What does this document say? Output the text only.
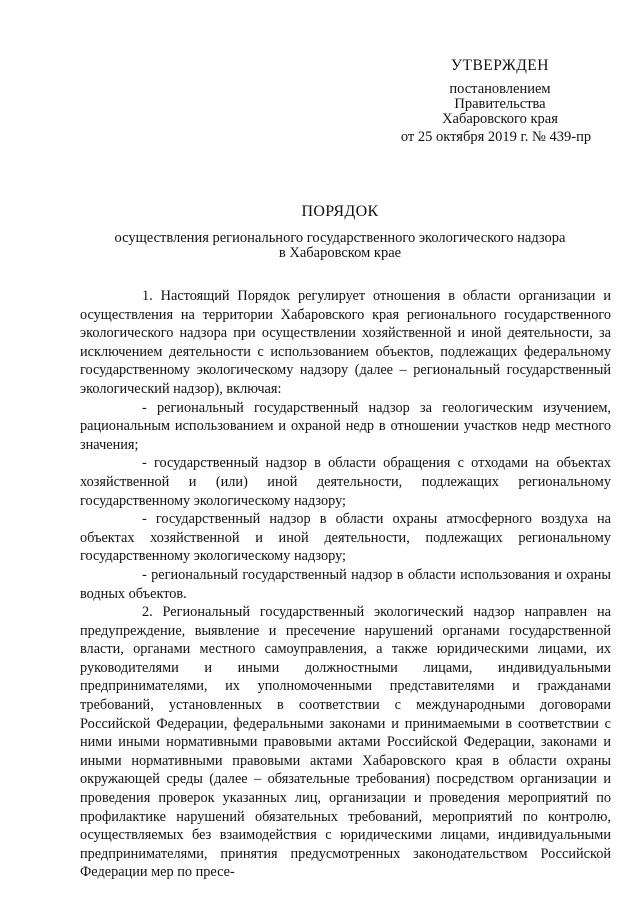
УТВЕРЖДЕН
постановлением
Правительства
Хабаровского края
от 25 октября 2019 г. № 439-пр
ПОРЯДОК
осуществления регионального государственного экологического надзора
в Хабаровском крае

1. Настоящий Порядок регулирует отношения в области организации и осуществления на территории Хабаровского края регионального государственного экологического надзора при осуществлении хозяйственной и иной деятельности, за исключением деятельности с использованием объектов, подлежащих федеральному государственному экологическому надзору (далее – региональный государственный экологический надзор), включая:

- региональный государственный надзор за геологическим изучением, рациональным использованием и охраной недр в отношении участков недр местного значения;

- государственный надзор в области обращения с отходами на объектах хозяйственной и (или) иной деятельности, подлежащих региональному государственному экологическому надзору;

- государственный надзор в области охраны атмосферного воздуха на объектах хозяйственной и иной деятельности, подлежащих региональному государственному экологическому надзору;

- региональный государственный надзор в области использования и охраны водных объектов.

2. Региональный государственный экологический надзор направлен на предупреждение, выявление и пресечение нарушений органами государственной власти, органами местного самоуправления, а также юридическими лицами, их руководителями и иными должностными лицами, индивидуальными предпринимателями, их уполномоченными представителями и гражданами требований, установленных в соответствии с международными договорами Российской Федерации, федеральными законами и принимаемыми в соответствии с ними иными нормативными правовыми актами Российской Федерации, законами и иными нормативными правовыми актами Хабаровского края в области охраны окружающей среды (далее – обязательные требования) посредством организации и проведения проверок указанных лиц, организации и проведения мероприятий по профилактике нарушений обязательных требований, мероприятий по контролю, осуществляемых без взаимодействия с юридическими лицами, индивидуальными предпринимателями, принятия предусмотренных законодательством Российской Федерации мер по пресе-
